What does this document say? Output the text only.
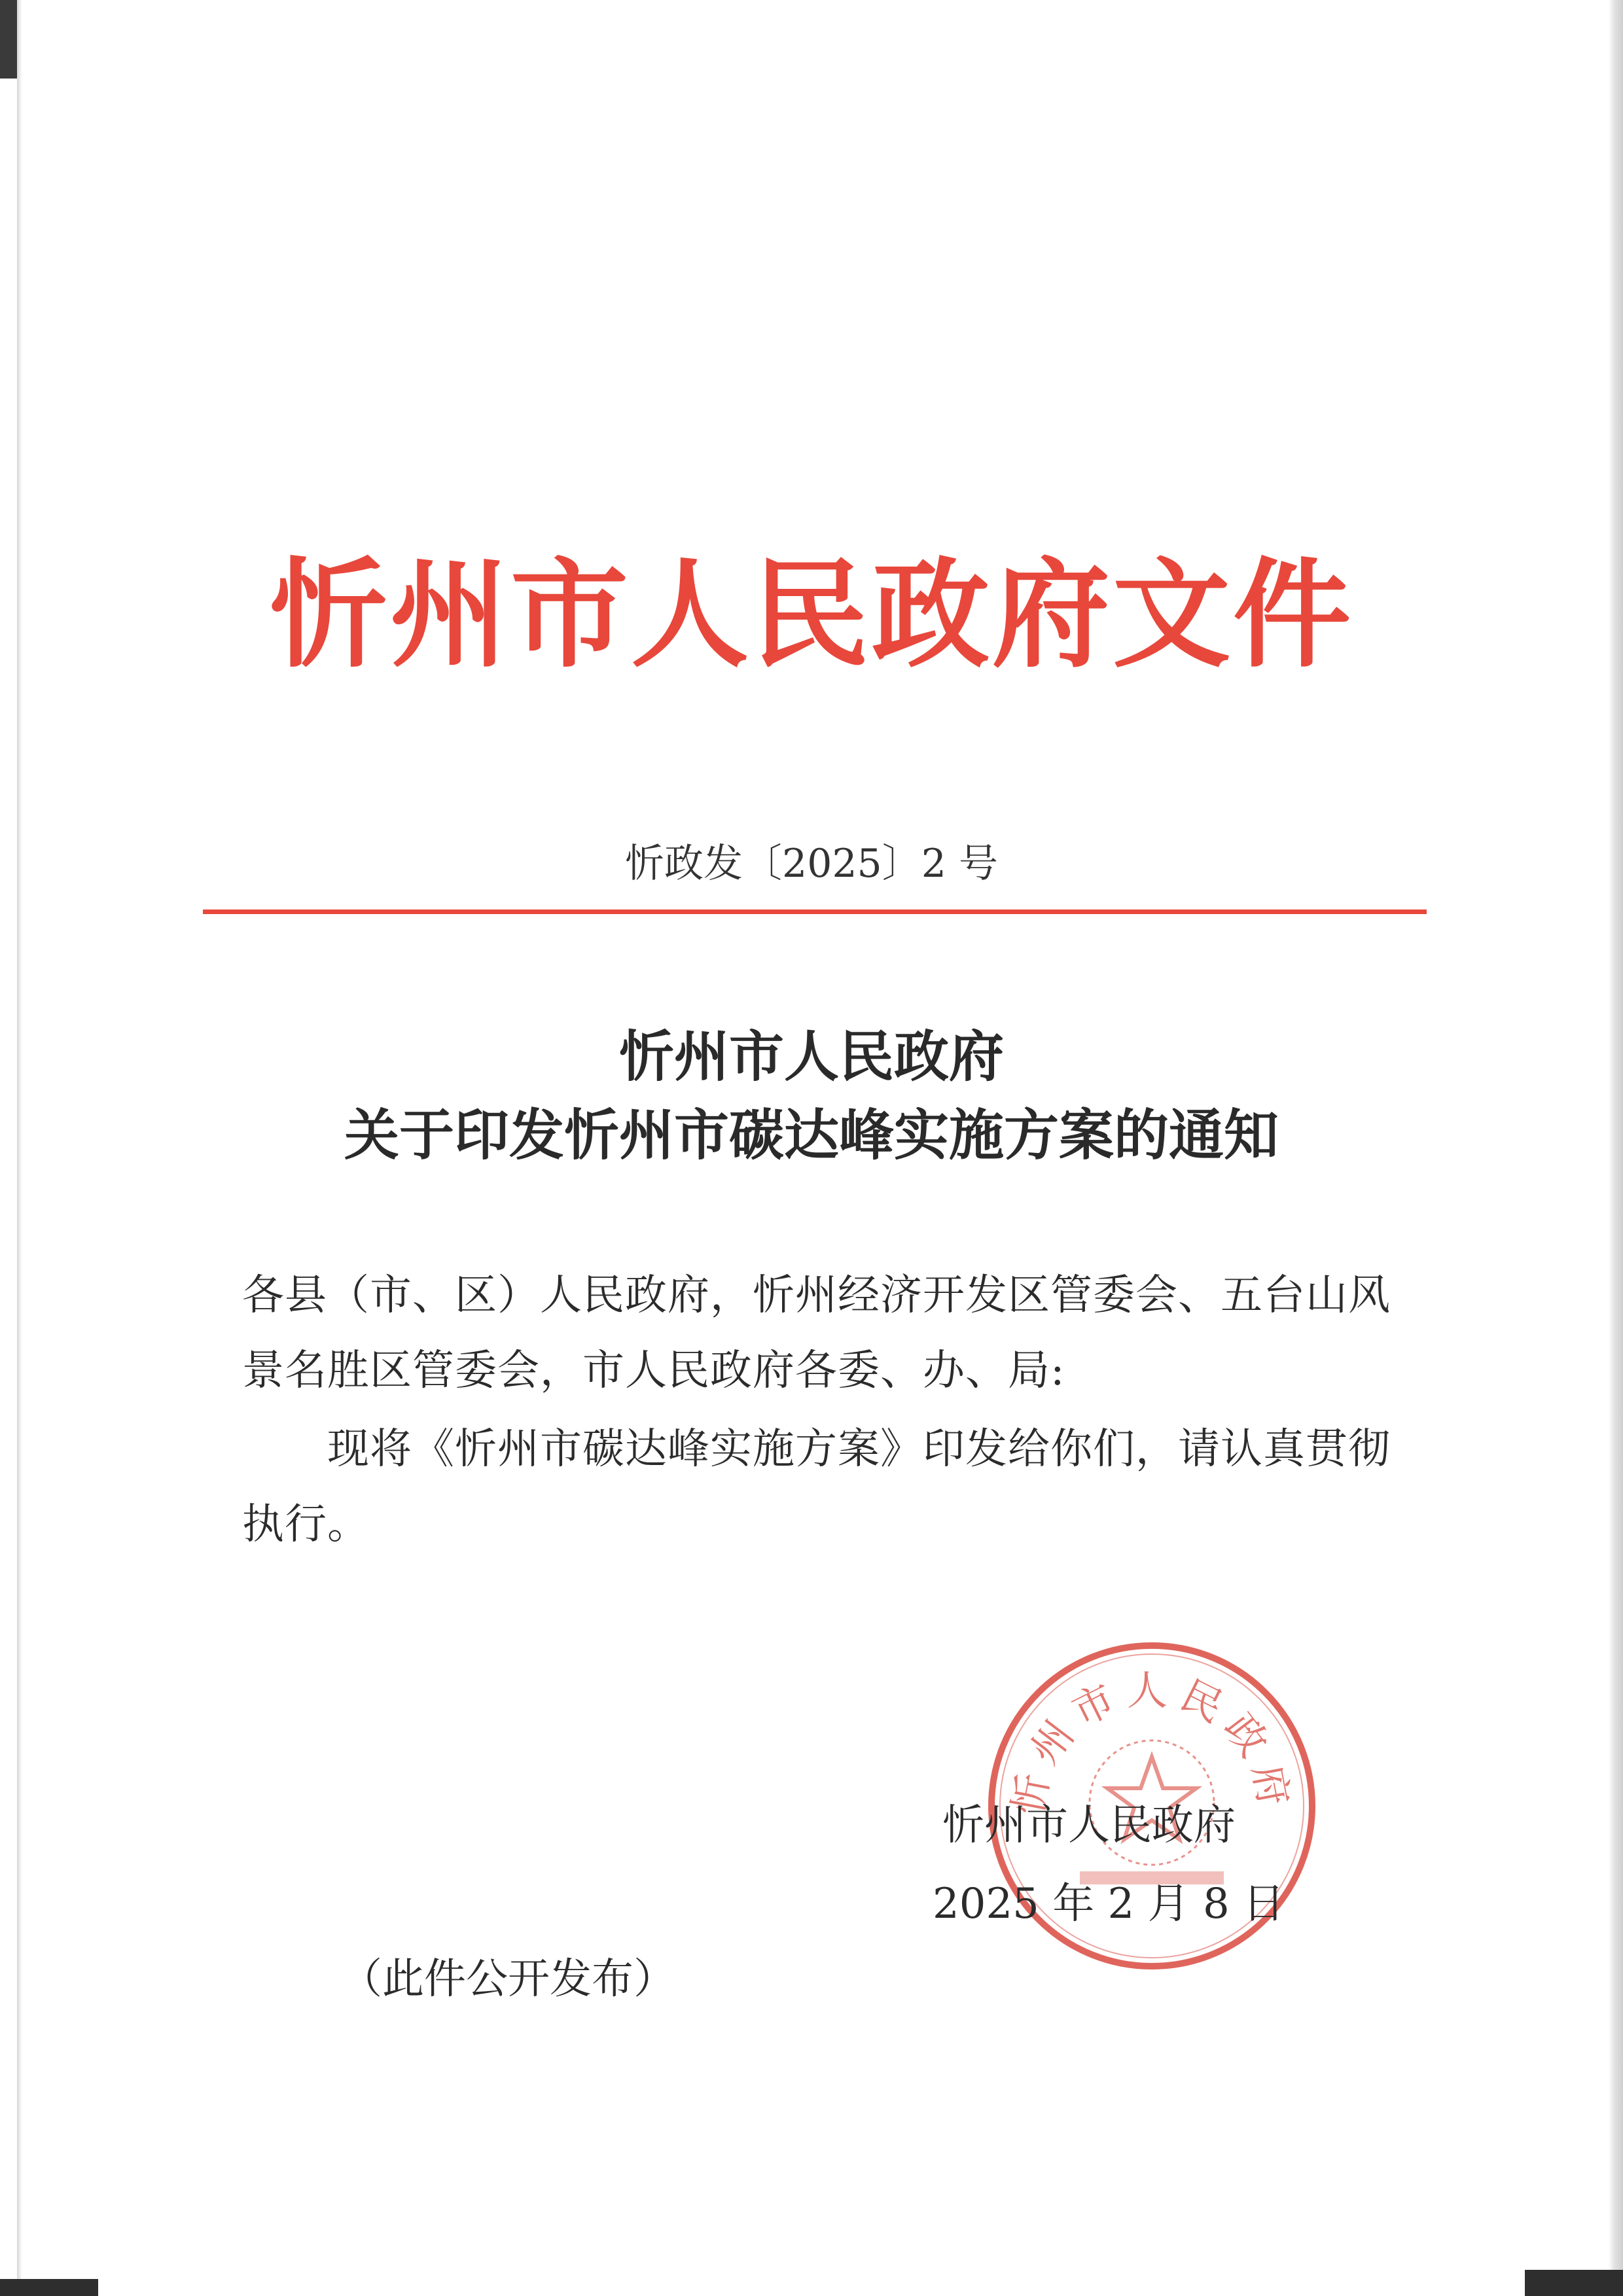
忻州市人民政府文件
忻政发〔2025〕2 号
忻州市人民政府
关于印发忻州市碳达峰实施方案的通知
各县（市、区）人民政府，忻州经济开发区管委会、五台山风
景名胜区管委会，市人民政府各委、办、局:
现将《忻州市碳达峰实施方案》印发给你们，请认真贯彻
执行。
忻州市人民政府
忻州市人民政府
2025 年 2 月 8 日
（此件公开发布）
